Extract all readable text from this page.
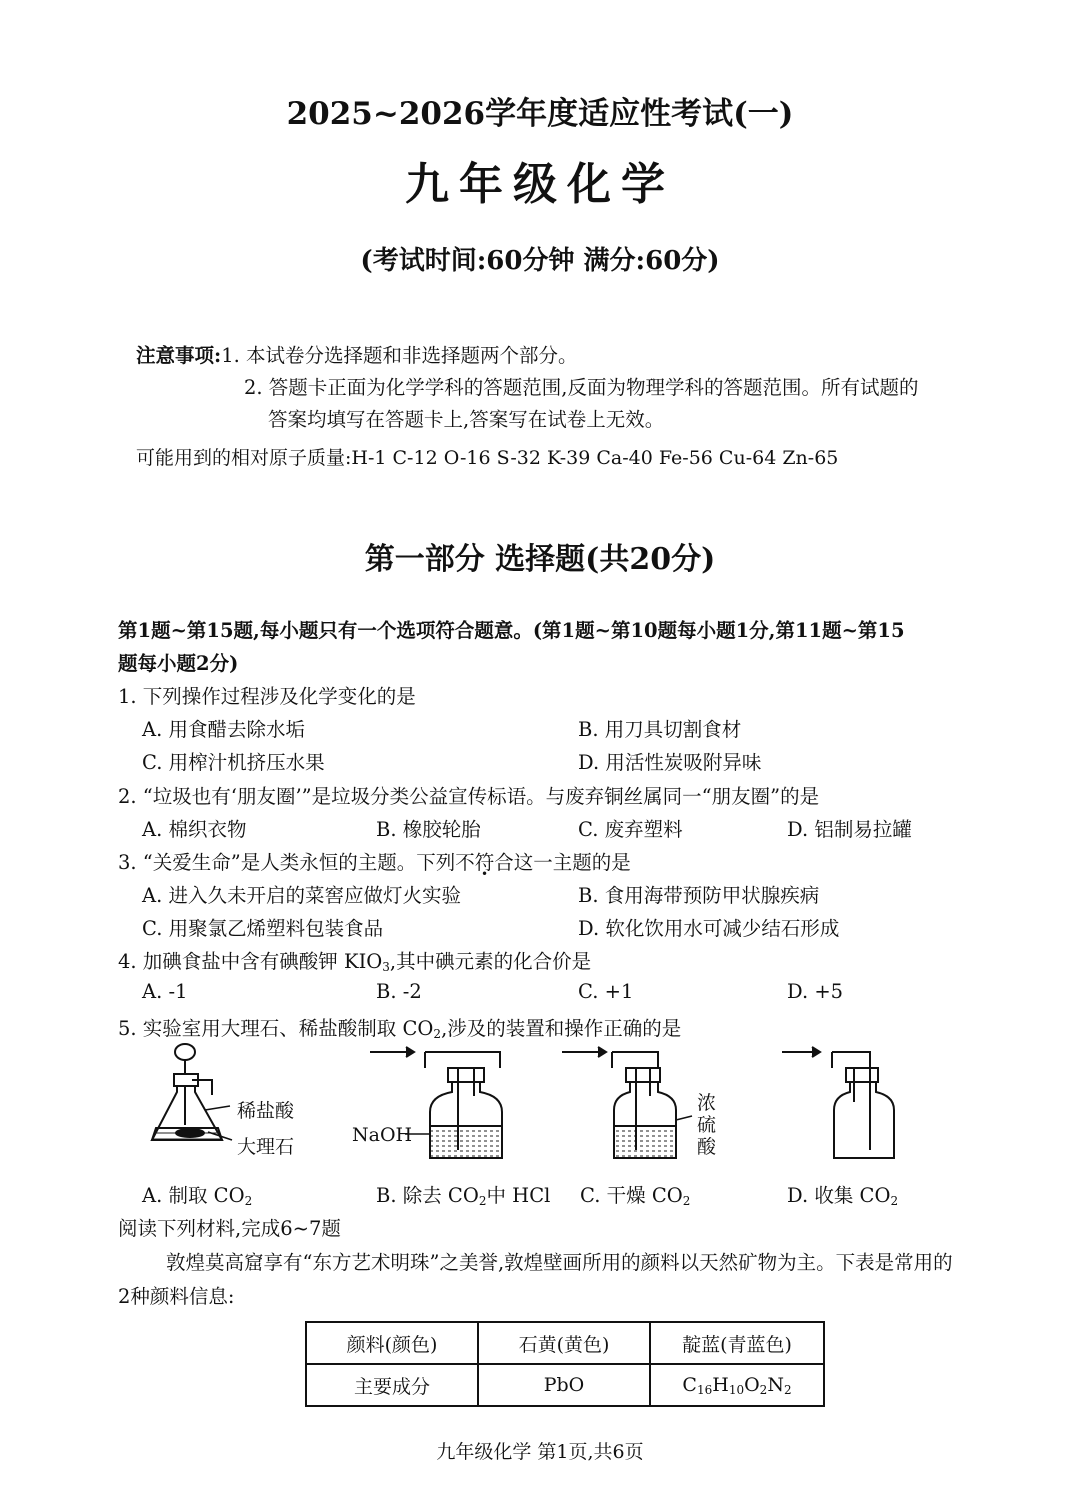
2025~2026学年度适应性考试(一)
九年级化学
(考试时间:60分钟 满分:60分)
注意事项:1. 本试卷分选择题和非选择题两个部分。
2. 答题卡正面为化学学科的答题范围,反面为物理学科的答题范围。所有试题的
答案均填写在答题卡上,答案写在试卷上无效。
可能用到的相对原子质量:H-1 C-12 O-16 S-32 K-39 Ca-40 Fe-56 Cu-64 Zn-65
第一部分 选择题(共20分)
第1题~第15题,每小题只有一个选项符合题意。(第1题~第10题每小题1分,第11题~第15
题每小题2分)
1. 下列操作过程涉及化学变化的是
A. 用食醋去除水垢	B. 用刀具切割食材
C. 用榨汁机挤压水果	D. 用活性炭吸附异味
2. “垃圾也有‘朋友圈’”是垃圾分类公益宣传标语。与废弃铜丝属同一“朋友圈”的是
A. 棉织衣物	B. 橡胶轮胎	C. 废弃塑料	D. 铝制易拉罐
3. “关爱生命”是人类永恒的主题。下列不符合这一主题的是
A. 进入久未开启的菜窖应做灯火实验	B. 食用海带预防甲状腺疾病
C. 用聚氯乙烯塑料包装食品	D. 软化饮用水可减少结石形成
4. 加碘食盐中含有碘酸钾 $KIO_3$,其中碘元素的化合价是
A. -1	B. -2	C. +1	D. +5
5. 实验室用大理石、稀盐酸制取 $CO_2$,涉及的装置和操作正确的是
稀盐酸
大理石
NaOH
浓
硫
酸
A. 制取 $CO_2$	B. 除去 $CO_2$中 HCl C. 干燥 $CO_2$	D. 收集 $CO_2$
阅读下列材料,完成6~7题
敦煌莫高窟享有“东方艺术明珠”之美誉,敦煌壁画所用的颜料以天然矿物为主。下表是常用的
2种颜料信息:
颜料(颜色)	石黄(黄色)	靛蓝(青蓝色)
主要成分	PbO	$C_{16}H_{10}O_2N_2$
九年级化学 第1页,共6页
